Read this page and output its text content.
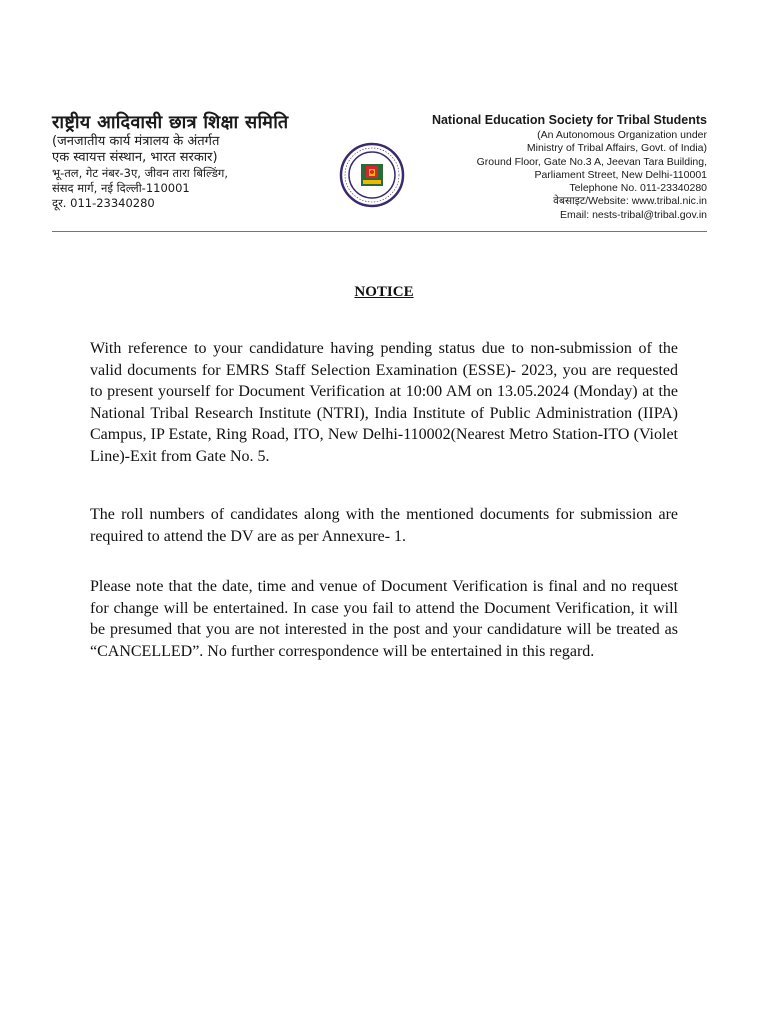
राष्ट्रीय आदिवासी छात्र शिक्षा समिति
(जनजातीय कार्य मंत्रालय के अंतर्गत
एक स्वायत्त संस्थान, भारत सरकार)
भू-तल, गेट नंबर-3ए, जीवन तारा बिल्डिंग,
संसद मार्ग, नई दिल्ली-110001
दूर. 011-23340280
National Education Society for Tribal Students
(An Autonomous Organization under
Ministry of Tribal Affairs, Govt. of India)
Ground Floor, Gate No.3 A, Jeevan Tara Building,
Parliament Street, New Delhi-110001
Telephone No. 011-23340280
वेबसाइट/Website: www.tribal.nic.in
Email: nests-tribal@tribal.gov.in
NOTICE

With reference to your candidature having pending status due to non-submission of the valid documents for EMRS Staff Selection Examination (ESSE)- 2023, you are requested to present yourself for Document Verification at 10:00 AM on 13.05.2024 (Monday) at the National Tribal Research Institute (NTRI), India Institute of Public Administration (IIPA) Campus, IP Estate, Ring Road, ITO, New Delhi-110002(Nearest Metro Station-ITO (Violet Line)-Exit from Gate No. 5.

The roll numbers of candidates along with the mentioned documents for submission are required to attend the DV are as per Annexure- 1.

Please note that the date, time and venue of Document Verification is final and no request for change will be entertained. In case you fail to attend the Document Verification, it will be presumed that you are not interested in the post and your candidature will be treated as “CANCELLED”. No further correspondence will be entertained in this regard.
